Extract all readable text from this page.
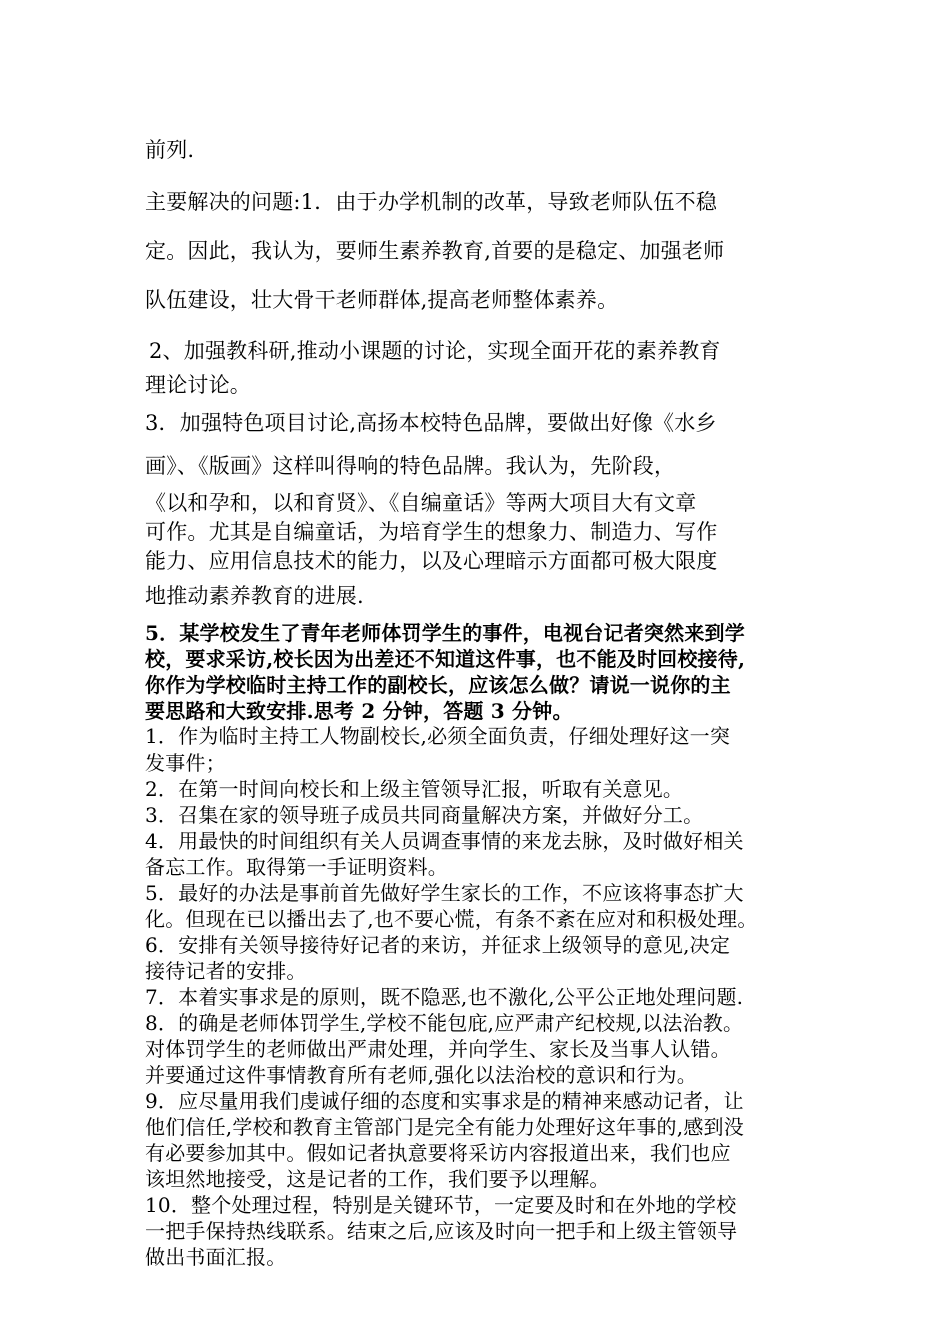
前列.
主要解决的问题:1．由于办学机制的改革，导致老师队伍不稳
定。因此，我认为，要师生素养教育,首要的是稳定、加强老师
队伍建设，壮大骨干老师群体,提高老师整体素养。
2、加强教科研,推动小课题的讨论，实现全面开花的素养教育
理论讨论。
3．加强特色项目讨论,高扬本校特色品牌，要做出好像《水乡
画》、《版画》这样叫得响的特色品牌。我认为，先阶段，
《以和孕和，以和育贤》、《自编童话》等两大项目大有文章
可作。尤其是自编童话，为培育学生的想象力、制造力、写作
能力、应用信息技术的能力，以及心理暗示方面都可极大限度
地推动素养教育的进展.
5．某学校发生了青年老师体罚学生的事件，电视台记者突然来到学
校，要求采访,校长因为出差还不知道这件事，也不能及时回校接待,
你作为学校临时主持工作的副校长，应该怎么做？请说一说你的主
要思路和大致安排.思考 2 分钟，答题 3 分钟。
1．作为临时主持工人物副校长,必须全面负责，仔细处理好这一突
发事件；
2．在第一时间向校长和上级主管领导汇报，听取有关意见。
3．召集在家的领导班子成员共同商量解决方案，并做好分工。
4．用最快的时间组织有关人员调查事情的来龙去脉，及时做好相关
备忘工作。取得第一手证明资料。
5．最好的办法是事前首先做好学生家长的工作，不应该将事态扩大
化。但现在已以播出去了,也不要心慌，有条不紊在应对和积极处理。
6．安排有关领导接待好记者的来访，并征求上级领导的意见,决定
接待记者的安排。
7．本着实事求是的原则，既不隐恶,也不激化,公平公正地处理问题.
8．的确是老师体罚学生,学校不能包庇,应严肃产纪校规,以法治教。
对体罚学生的老师做出严肃处理，并向学生、家长及当事人认错。
并要通过这件事情教育所有老师,强化以法治校的意识和行为。
9．应尽量用我们虔诚仔细的态度和实事求是的精神来感动记者，让
他们信任,学校和教育主管部门是完全有能力处理好这年事的,感到没
有必要参加其中。假如记者执意要将采访内容报道出来，我们也应
该坦然地接受，这是记者的工作，我们要予以理解。
10．整个处理过程，特别是关键环节，一定要及时和在外地的学校
一把手保持热线联系。结束之后,应该及时向一把手和上级主管领导
做出书面汇报。
